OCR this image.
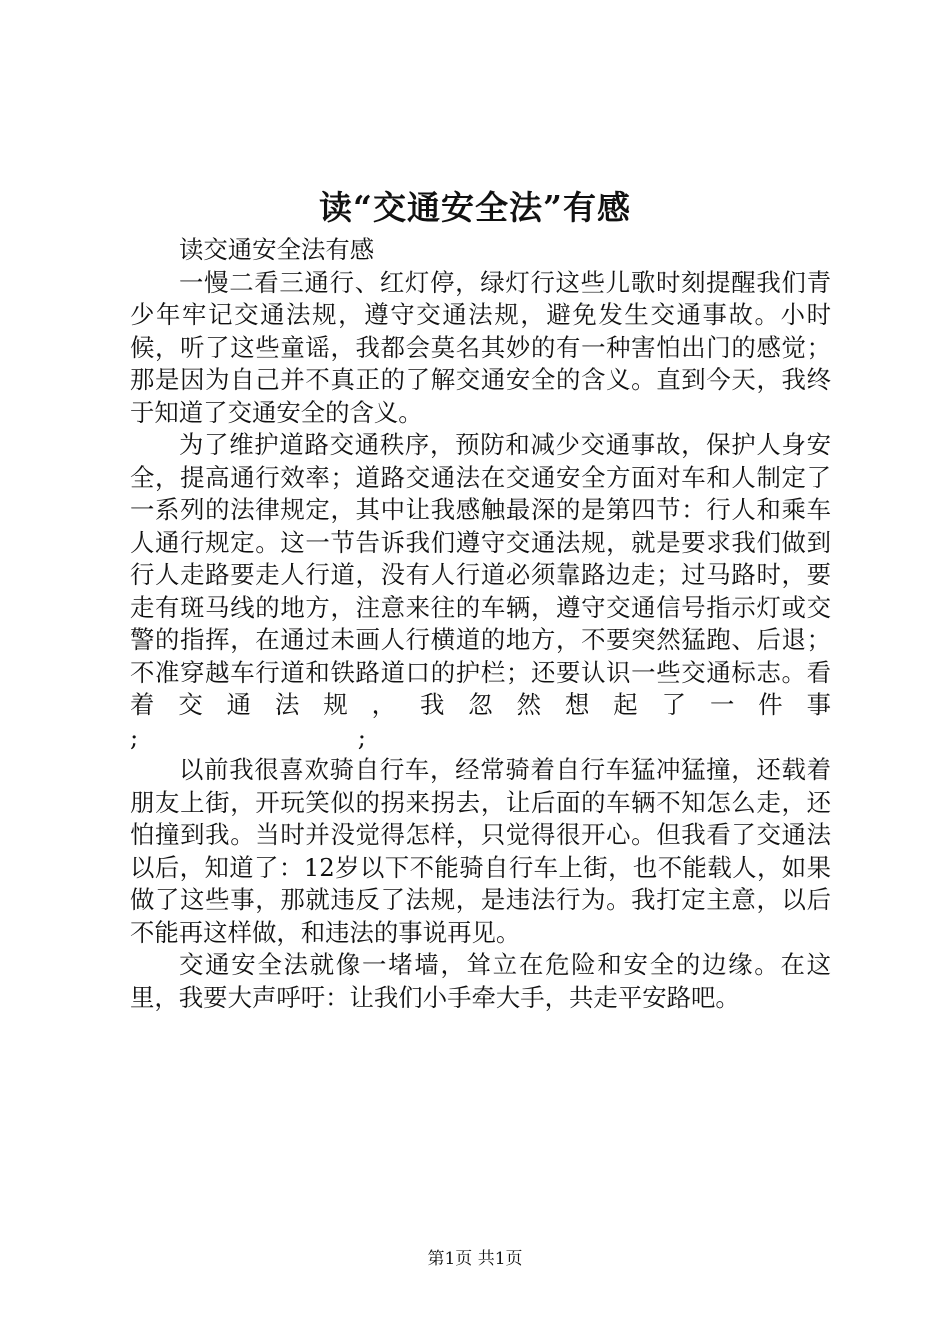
读“交通安全法”有感

读交通安全法有感

一慢二看三通行、红灯停，绿灯行这些儿歌时刻提醒我们青少年牢记交通法规，遵守交通法规，避免发生交通事故。小时候，听了这些童谣，我都会莫名其妙的有一种害怕出门的感觉；那是因为自己并不真正的了解交通安全的含义。直到今天，我终于知道了交通安全的含义。

为了维护道路交通秩序，预防和减少交通事故，保护人身安全，提高通行效率；道路交通法在交通安全方面对车和人制定了一系列的法律规定，其中让我感触最深的是第四节：行人和乘车人通行规定。这一节告诉我们遵守交通法规，就是要求我们做到行人走路要走人行道，没有人行道必须靠路边走；过马路时，要走有斑马线的地方，注意来往的车辆，遵守交通信号指示灯或交警的指挥，在通过未画人行横道的地方，不要突然猛跑、后退；不准穿越车行道和铁路道口的护栏；还要认识一些交通标志。看着交通法规，我忽然想起了一件事

;	;

以前我很喜欢骑自行车，经常骑着自行车猛冲猛撞，还载着朋友上街，开玩笑似的拐来拐去，让后面的车辆不知怎么走，还怕撞到我。当时并没觉得怎样，只觉得很开心。但我看了交通法以后，知道了：12岁以下不能骑自行车上街，也不能载人，如果做了这些事，那就违反了法规，是违法行为。我打定主意，以后不能再这样做，和违法的事说再见。

交通安全法就像一堵墙，耸立在危险和安全的边缘。在这里，我要大声呼吁：让我们小手牵大手，共走平安路吧。

第1页 共1页
